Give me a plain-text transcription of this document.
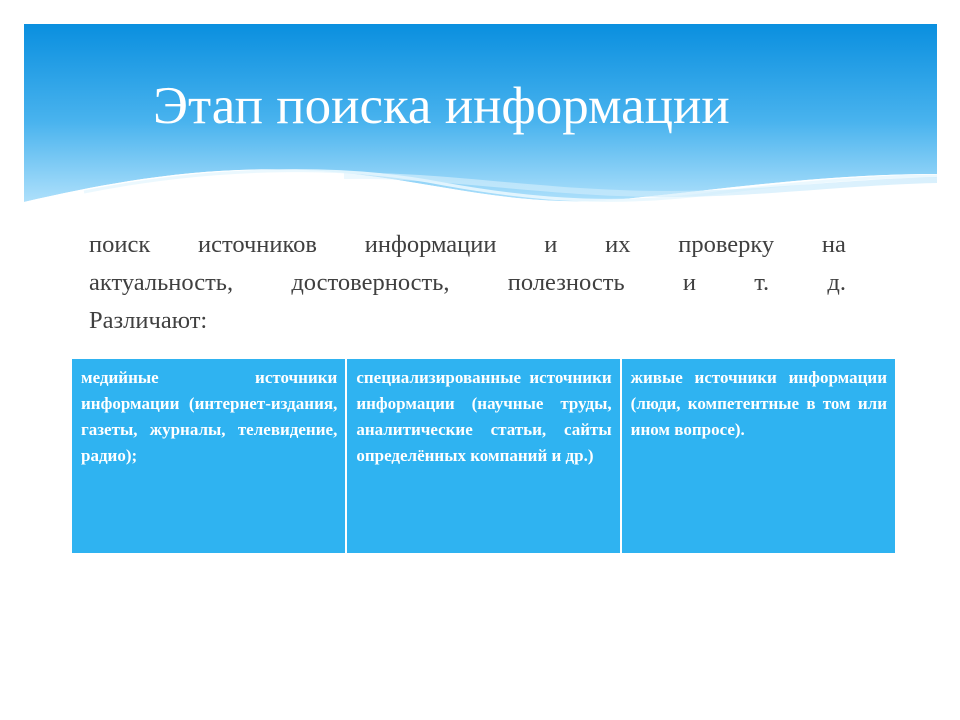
Этап поиска информации
поиск источников информации и их проверку на
актуальность, достоверность, полезность и т. д.
Различают:
медийные источники информации (интернет-издания, газеты, журналы, телевидение, радио);	специализированные источники информации (научные труды, аналитические статьи, сайты определённых компаний и др.)	живые источники информации (люди, компетентные в том или ином вопросе).
